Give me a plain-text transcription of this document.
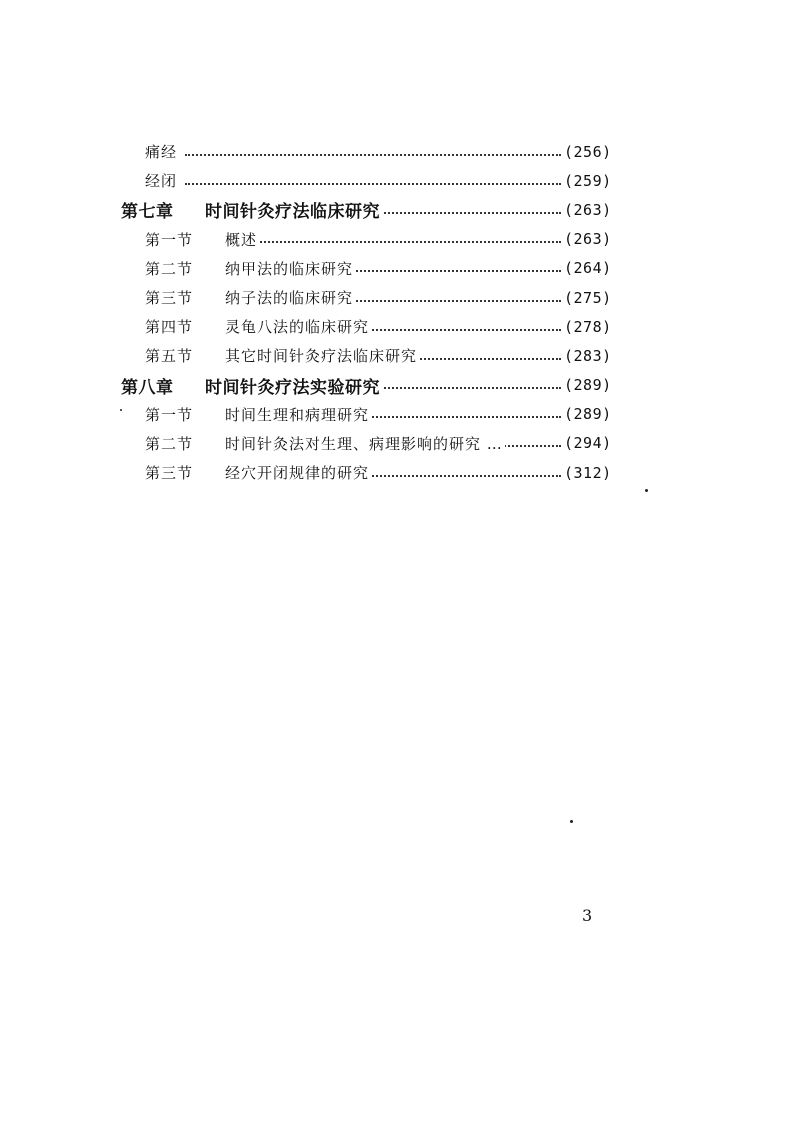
痛经	(256)
经闭	(259)
第七章 时间针灸疗法临床研究	(263)
第一节 概述	(263)
第二节 纳甲法的临床研究	(264)
第三节 纳子法的临床研究	(275)
第四节 灵龟八法的临床研究	(278)
第五节 其它时间针灸疗法临床研究	(283)
第八章 时间针灸疗法实验研究	(289)
第一节 时间生理和病理研究	(289)
第二节 时间针灸法对生理、病理影响的研究 …	(294)
第三节 经穴开闭规律的研究	(312)
3
